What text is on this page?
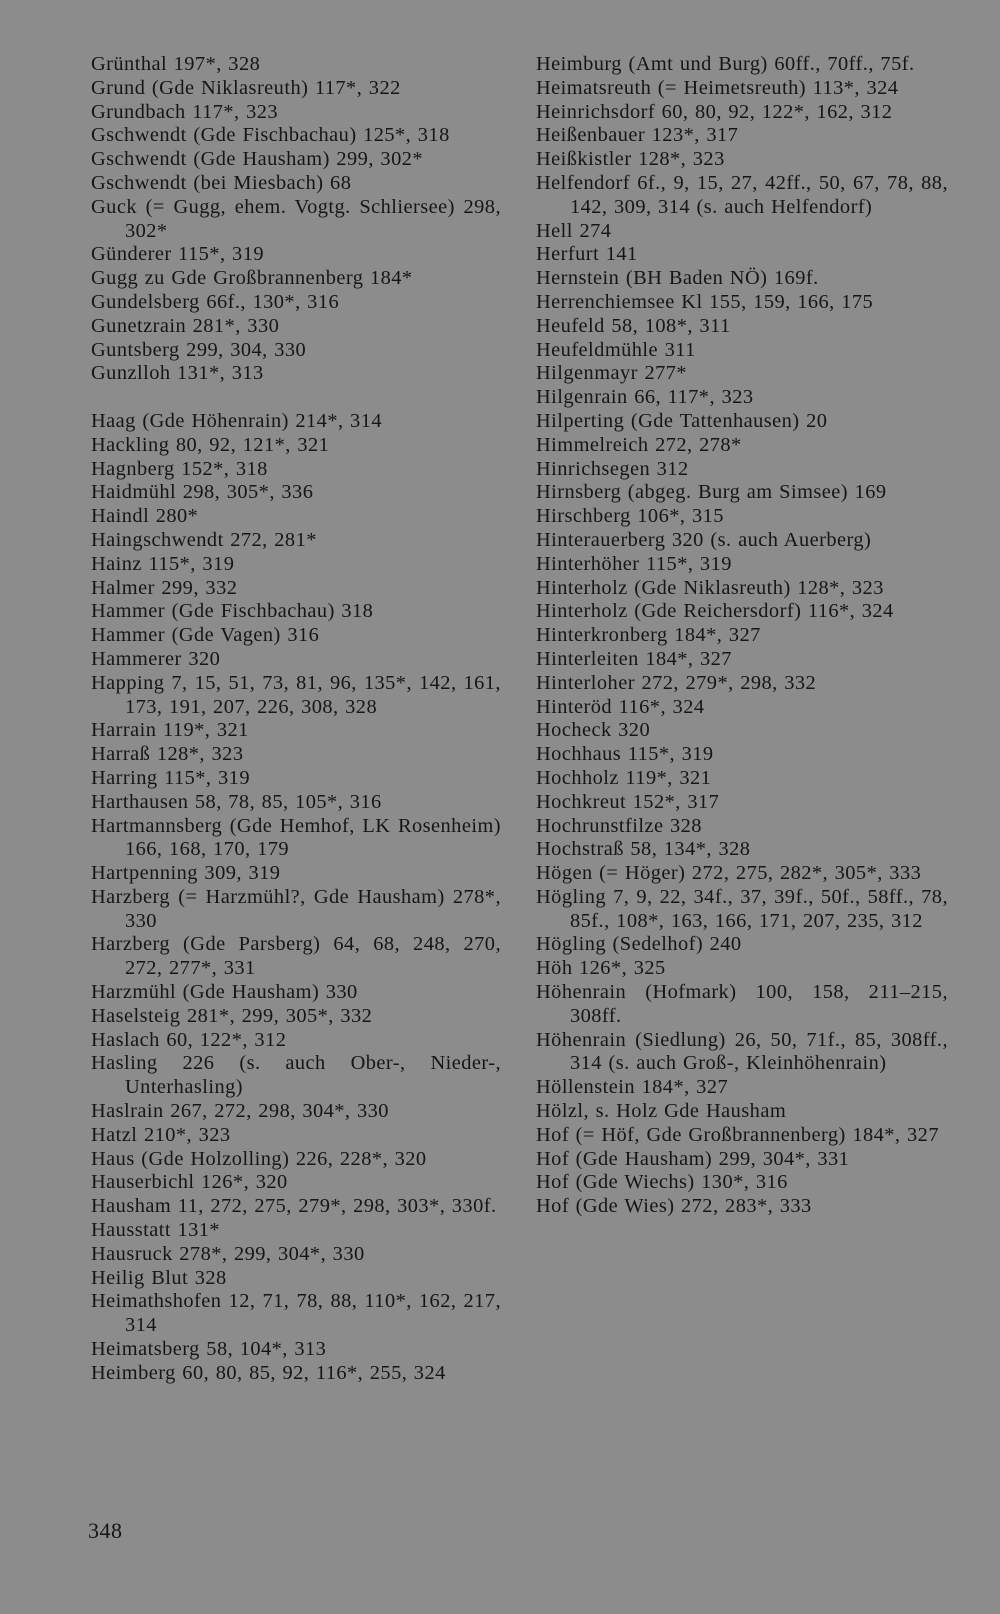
Grünthal 197*, 328

Grund (Gde Niklasreuth) 117*, 322

Grundbach 117*, 323

Gschwendt (Gde Fischbachau) 125*, 318

Gschwendt (Gde Hausham) 299, 302*

Gschwendt (bei Miesbach) 68

Guck (= Gugg, ehem. Vogtg. Schliersee) 298, 302*

Günderer 115*, 319

Gugg zu Gde Großbrannenberg 184*

Gundelsberg 66f., 130*, 316

Gunetzrain 281*, 330

Guntsberg 299, 304, 330

Gunzlloh 131*, 313

Haag (Gde Höhenrain) 214*, 314

Hackling 80, 92, 121*, 321

Hagnberg 152*, 318

Haidmühl 298, 305*, 336

Haindl 280*

Haingschwendt 272, 281*

Hainz 115*, 319

Halmer 299, 332

Hammer (Gde Fischbachau) 318

Hammer (Gde Vagen) 316

Hammerer 320

Happing 7, 15, 51, 73, 81, 96, 135*, 142, 161, 173, 191, 207, 226, 308, 328

Harrain 119*, 321

Harraß 128*, 323

Harring 115*, 319

Harthausen 58, 78, 85, 105*, 316

Hartmannsberg (Gde Hemhof, LK Rosenheim) 166, 168, 170, 179

Hartpenning 309, 319

Harzberg (= Harzmühl?, Gde Hausham) 278*, 330

Harzberg (Gde Parsberg) 64, 68, 248, 270, 272, 277*, 331

Harzmühl (Gde Hausham) 330

Haselsteig 281*, 299, 305*, 332

Haslach 60, 122*, 312

Hasling 226 (s. auch Ober-, Nieder-, Unterhasling)

Haslrain 267, 272, 298, 304*, 330

Hatzl 210*, 323

Haus (Gde Holzolling) 226, 228*, 320

Hauserbichl 126*, 320

Hausham 11, 272, 275, 279*, 298, 303*, 330f.

Hausstatt 131*

Hausruck 278*, 299, 304*, 330

Heilig Blut 328

Heimathshofen 12, 71, 78, 88, 110*, 162, 217, 314

Heimatsberg 58, 104*, 313

Heimberg 60, 80, 85, 92, 116*, 255, 324

Heimburg (Amt und Burg) 60ff., 70ff., 75f.

Heimatsreuth (= Heimetsreuth) 113*, 324

Heinrichsdorf 60, 80, 92, 122*, 162, 312

Heißenbauer 123*, 317

Heißkistler 128*, 323

Helfendorf 6f., 9, 15, 27, 42ff., 50, 67, 78, 88, 142, 309, 314 (s. auch Helfendorf)

Hell 274

Herfurt 141

Hernstein (BH Baden NÖ) 169f.

Herrenchiemsee Kl 155, 159, 166, 175

Heufeld 58, 108*, 311

Heufeldmühle 311

Hilgenmayr 277*

Hilgenrain 66, 117*, 323

Hilperting (Gde Tattenhausen) 20

Himmelreich 272, 278*

Hinrichsegen 312

Hirnsberg (abgeg. Burg am Simsee) 169

Hirschberg 106*, 315

Hinterauerberg 320 (s. auch Auerberg)

Hinterhöher 115*, 319

Hinterholz (Gde Niklasreuth) 128*, 323

Hinterholz (Gde Reichersdorf) 116*, 324

Hinterkronberg 184*, 327

Hinterleiten 184*, 327

Hinterloher 272, 279*, 298, 332

Hinteröd 116*, 324

Hocheck 320

Hochhaus 115*, 319

Hochholz 119*, 321

Hochkreut 152*, 317

Hochrunstfilze 328

Hochstraß 58, 134*, 328

Högen (= Höger) 272, 275, 282*, 305*, 333

Högling 7, 9, 22, 34f., 37, 39f., 50f., 58ff., 78, 85f., 108*, 163, 166, 171, 207, 235, 312

Högling (Sedelhof) 240

Höh 126*, 325

Höhenrain (Hofmark) 100, 158, 211–215, 308ff.

Höhenrain (Siedlung) 26, 50, 71f., 85, 308ff., 314 (s. auch Groß-, Kleinhöhenrain)

Höllenstein 184*, 327

Hölzl, s. Holz Gde Hausham

Hof (= Höf, Gde Großbrannenberg) 184*, 327

Hof (Gde Hausham) 299, 304*, 331

Hof (Gde Wiechs) 130*, 316

Hof (Gde Wies) 272, 283*, 333

348
